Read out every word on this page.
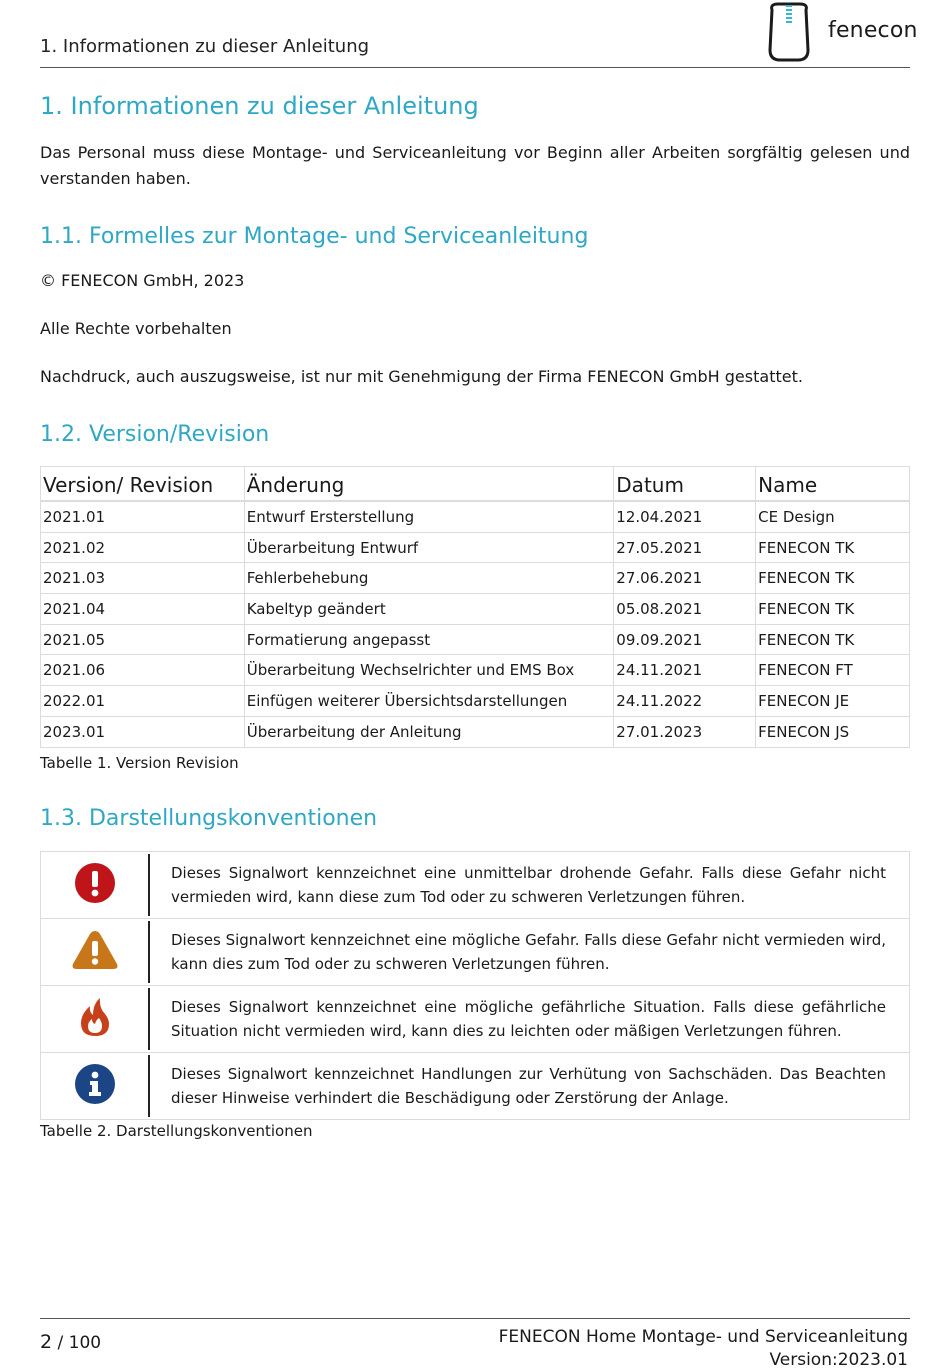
1. Informationen zu dieser Anleitung
fenecon
1. Informationen zu dieser Anleitung

Das Personal muss diese Montage- und Serviceanleitung vor Beginn aller Arbeiten sorgfältig gelesen und verstanden haben.

1.1. Formelles zur Montage- und Serviceanleitung

© FENECON GmbH, 2023

Alle Rechte vorbehalten

Nachdruck, auch auszugsweise, ist nur mit Genehmigung der Firma FENECON GmbH gestattet.

1.2. Version/Revision
Version/ Revision	Änderung	Datum	Name
2021.01	Entwurf Ersterstellung	12.04.2021	CE Design
2021.02	Überarbeitung Entwurf	27.05.2021	FENECON TK
2021.03	Fehlerbehebung	27.06.2021	FENECON TK
2021.04	Kabeltyp geändert	05.08.2021	FENECON TK
2021.05	Formatierung angepasst	09.09.2021	FENECON TK
2021.06	Überarbeitung Wechselrichter und EMS Box	24.11.2021	FENECON FT
2022.01	Einfügen weiterer Übersichtsdarstellungen	24.11.2022	FENECON JE
2023.01	Überarbeitung der Anleitung	27.01.2023	FENECON JS
Tabelle 1. Version Revision
1.3. Darstellungskonventionen

	Dieses Signalwort kennzeichnet eine unmittelbar drohende Gefahr. Falls diese Gefahr nicht vermieden wird, kann diese zum Tod oder zu schweren Verletzungen führen.

	Dieses Signalwort kennzeichnet eine mögliche Gefahr. Falls diese Gefahr nicht vermieden wird, kann dies zum Tod oder zu schweren Verletzungen führen.

	Dieses Signalwort kennzeichnet eine mögliche gefährliche Situation. Falls diese gefährliche Situation nicht vermieden wird, kann dies zu leichten oder mäßigen Verletzungen führen.

	Dieses Signalwort kennzeichnet Handlungen zur Verhütung von Sachschäden. Das Beachten dieser Hinweise verhindert die Beschädigung oder Zerstörung der Anlage.
Tabelle 2. Darstellungskonventionen
2 / 100	FENECON Home Montage- und Serviceanleitung
Version:2023.01
